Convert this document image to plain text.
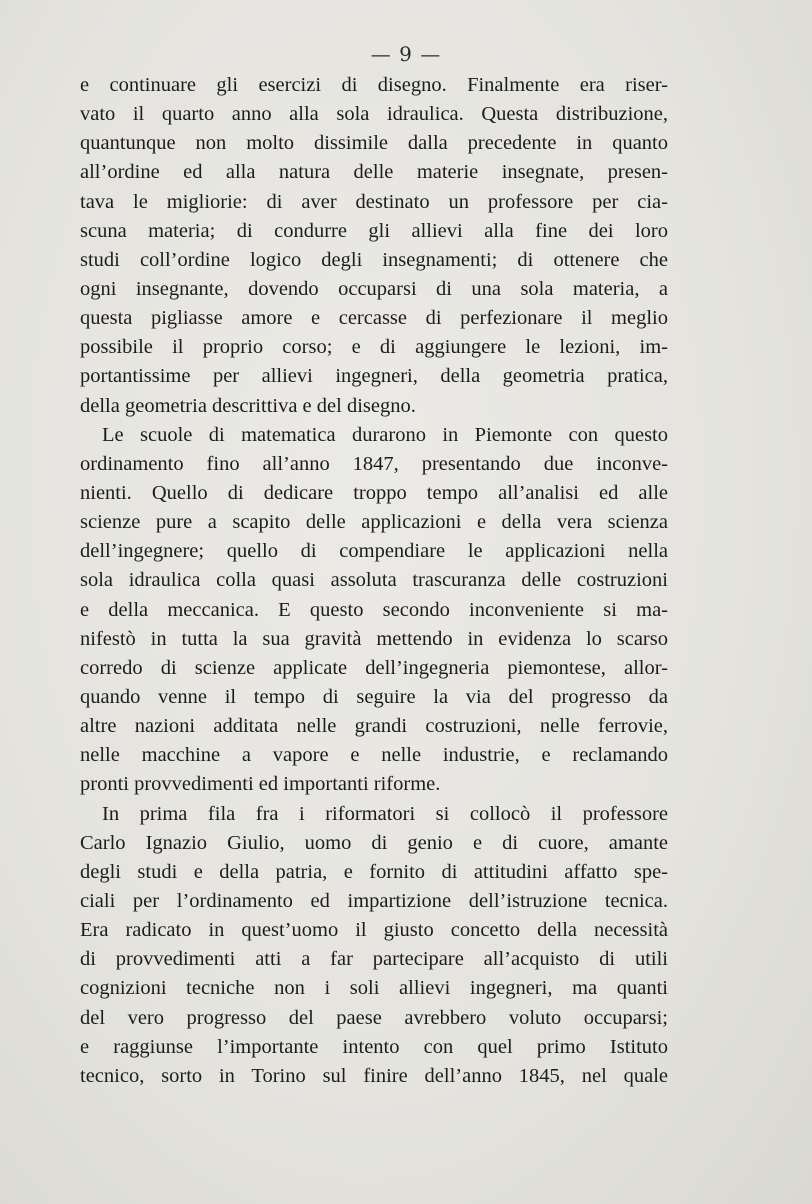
— 9 —
e continuare gli esercizi di disegno. Finalmente era riser-
vato il quarto anno alla sola idraulica. Questa distribuzione,
quantunque non molto dissimile dalla precedente in quanto
all’ordine ed alla natura delle materie insegnate, presen-
tava le migliorie: di aver destinato un professore per cia-
scuna materia; di condurre gli allievi alla fine dei loro
studi coll’ordine logico degli insegnamenti; di ottenere che
ogni insegnante, dovendo occuparsi di una sola materia, a
questa pigliasse amore e cercasse di perfezionare il meglio
possibile il proprio corso; e di aggiungere le lezioni, im-
portantissime per allievi ingegneri, della geometria pratica,
della geometria descrittiva e del disegno.
Le scuole di matematica durarono in Piemonte con questo
ordinamento fino all’anno 1847, presentando due inconve-
nienti. Quello di dedicare troppo tempo all’analisi ed alle
scienze pure a scapito delle applicazioni e della vera scienza
dell’ingegnere; quello di compendiare le applicazioni nella
sola idraulica colla quasi assoluta trascuranza delle costruzioni
e della meccanica. E questo secondo inconveniente si ma-
nifestò in tutta la sua gravità mettendo in evidenza lo scarso
corredo di scienze applicate dell’ingegneria piemontese, allor-
quando venne il tempo di seguire la via del progresso da
altre nazioni additata nelle grandi costruzioni, nelle ferrovie,
nelle macchine a vapore e nelle industrie, e reclamando
pronti provvedimenti ed importanti riforme.
In prima fila fra i riformatori si collocò il professore
Carlo Ignazio Giulio, uomo di genio e di cuore, amante
degli studi e della patria, e fornito di attitudini affatto spe-
ciali per l’ordinamento ed impartizione dell’istruzione tecnica.
Era radicato in quest’uomo il giusto concetto della necessità
di provvedimenti atti a far partecipare all’acquisto di utili
cognizioni tecniche non i soli allievi ingegneri, ma quanti
del vero progresso del paese avrebbero voluto occuparsi;
e raggiunse l’importante intento con quel primo Istituto
tecnico, sorto in Torino sul finire dell’anno 1845, nel quale
